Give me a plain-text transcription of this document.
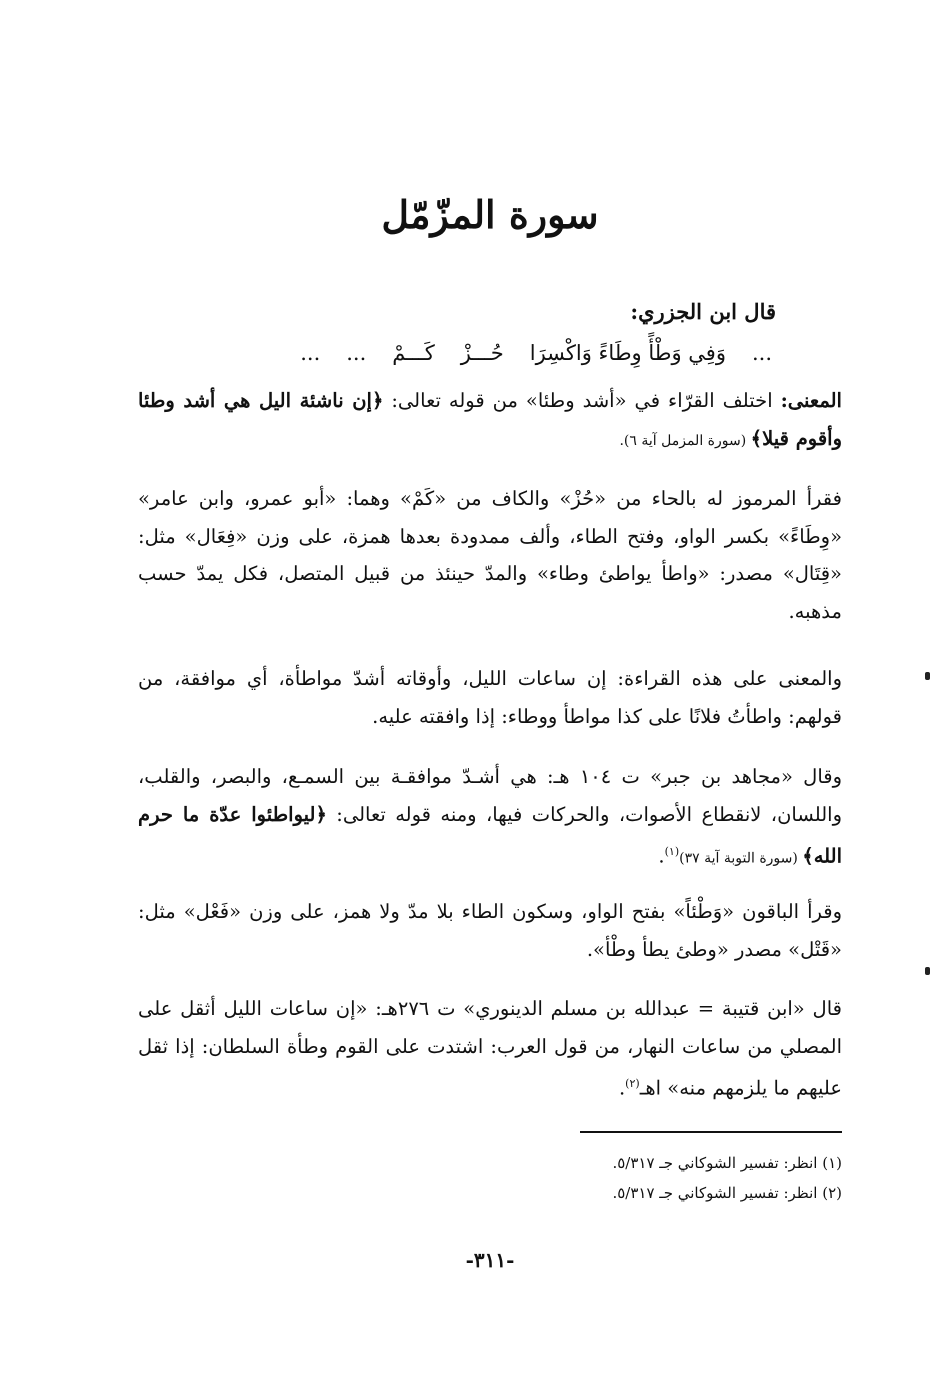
سورة المزّمّل
قال ابن الجزري:
...
وَفِي وَطْأً وِطَاءً وَاكْسِرَا
حُـــزْ
كَـــمْ
...
...
المعنى: اختلف القرّاء في «أشد وطئا» من قوله تعالى: ﴿إن ناشئة اليل هي أشد وطئا وأقوم قيلا﴾ (سورة المزمل آية ٦).
فقرأ المرموز له بالحاء من «حُزْ» والكاف من «كَمْ» وهما: «أبو عمرو، وابن عامر» «وِطَاءً» بكسر الواو، وفتح الطاء، وألف ممدودة بعدها همزة، على وزن «فِعَال» مثل: «قِتَال» مصدر: «واطأ يواطئ وطاء» والمدّ حينئذ من قبيل المتصل، فكل يمدّ حسب مذهبه.
والمعنى على هذه القراءة: إن ساعات الليل، وأوقاته أشدّ مواطأة، أي موافقة، من قولهم: واطأتُ فلانًا على كذا مواطأ ووطاء: إذا وافقته عليه.
وقال «مجاهد بن جبر» ت ١٠٤ هـ: هي أشـدّ موافقـة بين السمـع، والبصر، والقلب، واللسان، لانقطاع الأصوات، والحركات فيها، ومنه قوله تعالى: ﴿ليواطئوا عدّة ما حرم الله﴾ (سورة التوبة آية ٣٧)$^{(١)}$.
وقرأ الباقون «وَطْئاً» بفتح الواو، وسكون الطاء بلا مدّ ولا همز، على وزن «فَعْل» مثل: «قَتْل» مصدر «وطئ يطأ وطْأ».
قال «ابن قتيبة = عبدالله بن مسلم الدينوري» ت ٢٧٦هـ: «إن ساعات الليل أثقل على المصلي من ساعات النهار، من قول العرب: اشتدت على القوم وطأة السلطان: إذا ثقل عليهم ما يلزمهم منه» اهـ$^{(٢)}$.
(١) انظر: تفسير الشوكاني جـ ٥/٣١٧.
(٢) انظر: تفسير الشوكاني جـ ٥/٣١٧.
-٣١١-
